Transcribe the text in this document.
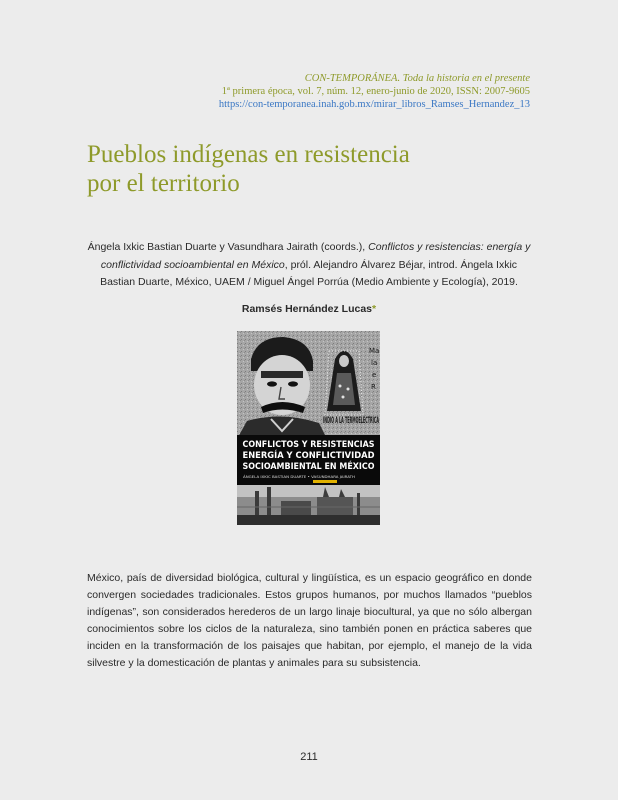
CON-TEMPORÁNEA. Toda la historia en el presente
1ª primera época, vol. 7, núm. 12, enero-junio de 2020, ISSN: 2007-9605
https://con-temporanea.inah.gob.mx/mirar_libros_Ramses_Hernandez_13
Pueblos indígenas en resistencia
por el territorio
Ángela Ixkic Bastian Duarte y Vasundhara Jairath (coords.), Conflictos y resistencias: energía y conflictividad socioambiental en México, pról. Alejandro Álvarez Béjar, introd. Ángela Ixkic Bastian Duarte, México, UAEM / Miguel Ángel Porrúa (Medio Ambiente y Ecología), 2019.
Ramsés Hernández Lucas*
Ma
la
e
R
INDIO A LA TERMOELÉCTRICA
CONFLICTOS Y RESISTENCIAS
ENERGÍA Y CONFLICTIVIDAD
SOCIOAMBIENTAL EN MÉXICO
ÁNGELA IXKIC BASTIAN DUARTE • VASUNDHARA JAIRATH

México, país de diversidad biológica, cultural y lingüística, es un espacio geográfico en donde convergen sociedades tradicionales. Estos grupos humanos, por muchos llamados “pueblos indígenas”, son considerados herederos de un largo linaje biocultural, ya que no sólo albergan conocimientos sobre los ciclos de la naturaleza, sino también ponen en práctica saberes que inciden en la transformación de los paisajes que habitan, por ejemplo, el manejo de la vida silvestre y la domesticación de plantas y animales para su subsistencia.

211
